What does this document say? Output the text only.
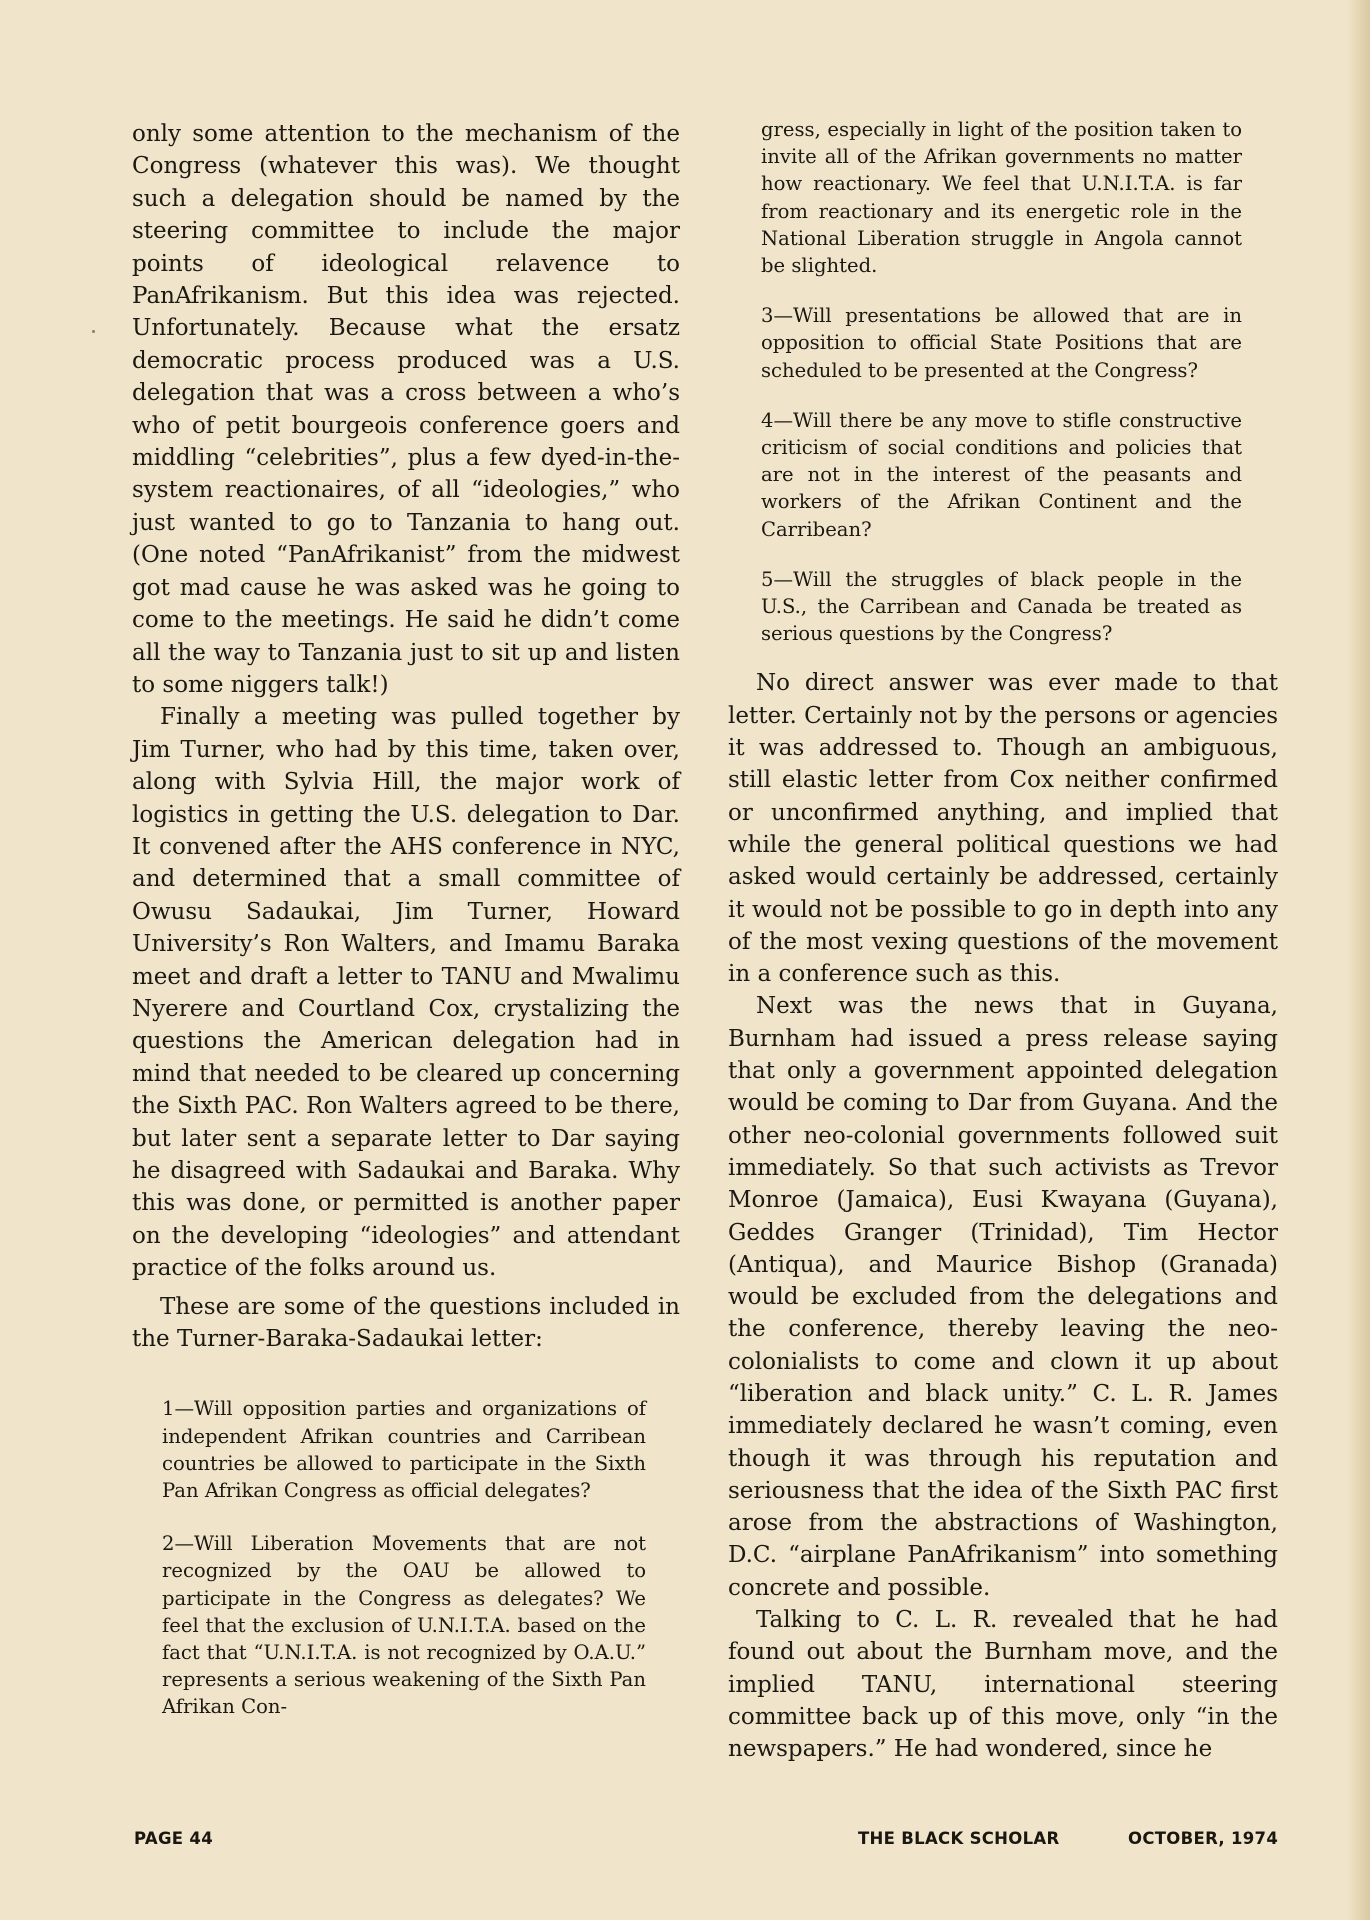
only some attention to the mechanism of the Congress (whatever this was). We thought such a delegation should be named by the steering committee to include the major points of ideological relavence to PanAfrikanism. But this idea was rejected. Unfortunately. Because what the ersatz democratic process produced was a U.S. delegation that was a cross between a who’s who of petit bourgeois conference goers and middling “celebrities”, plus a few dyed-in-the-system reactionaires, of all “ideologies,” who just wanted to go to Tanzania to hang out. (One noted “PanAfrikanist” from the midwest got mad cause he was asked was he going to come to the meetings. He said he didn’t come all the way to Tanzania just to sit up and listen to some niggers talk!)

Finally a meeting was pulled together by Jim Turner, who had by this time, taken over, along with Sylvia Hill, the major work of logistics in getting the U.S. delegation to Dar. It convened after the AHS conference in NYC, and determined that a small committee of Owusu Sadaukai, Jim Turner, Howard University’s Ron Walters, and Imamu Baraka meet and draft a letter to TANU and Mwalimu Nyerere and Courtland Cox, crystalizing the questions the American delegation had in mind that needed to be cleared up concerning the Sixth PAC. Ron Walters agreed to be there, but later sent a separate letter to Dar saying he disagreed with Sadaukai and Baraka. Why this was done, or permitted is another paper on the developing “ideologies” and attendant practice of the folks around us.

These are some of the questions included in the Turner-Baraka-Sadaukai letter:

1—Will opposition parties and organizations of independent Afrikan countries and Carribean countries be allowed to participate in the Sixth Pan Afrikan Congress as official delegates?

2—Will Liberation Movements that are not recognized by the OAU be allowed to participate in the Congress as delegates? We feel that the exclusion of U.N.I.T.A. based on the fact that “U.N.I.T.A. is not recognized by O.A.U.” represents a serious weakening of the Sixth Pan Afrikan Con-

gress, especially in light of the position taken to invite all of the Afrikan governments no matter how reactionary. We feel that U.N.I.T.A. is far from reactionary and its energetic role in the National Liberation struggle in Angola cannot be slighted.

3—Will presentations be allowed that are in opposition to official State Positions that are scheduled to be presented at the Congress?

4—Will there be any move to stifle constructive criticism of social conditions and policies that are not in the interest of the peasants and workers of the Afrikan Continent and the Carribean?

5—Will the struggles of black people in the U.S., the Carribean and Canada be treated as serious questions by the Congress?

No direct answer was ever made to that letter. Certainly not by the persons or agencies it was addressed to. Though an ambiguous, still elastic letter from Cox neither confirmed or unconfirmed anything, and implied that while the general political questions we had asked would certainly be addressed, certainly it would not be possible to go in depth into any of the most vexing questions of the movement in a conference such as this.

Next was the news that in Guyana, Burnham had issued a press release saying that only a government appointed delegation would be coming to Dar from Guyana. And the other neo-colonial governments followed suit immediately. So that such activists as Trevor Monroe (Jamaica), Eusi Kwayana (Guyana), Geddes Granger (Trinidad), Tim Hector (Antiqua), and Maurice Bishop (Granada) would be excluded from the delegations and the conference, thereby leaving the neo-colonialists to come and clown it up about “liberation and black unity.” C. L. R. James immediately declared he wasn’t coming, even though it was through his reputation and seriousness that the idea of the Sixth PAC first arose from the abstractions of Washington, D.C. “airplane PanAfrikanism” into something concrete and possible.

Talking to C. L. R. revealed that he had found out about the Burnham move, and the implied TANU, international steering committee back up of this move, only “in the newspapers.” He had wondered, since he

PAGE 44	THE BLACK SCHOLAR	OCTOBER, 1974
